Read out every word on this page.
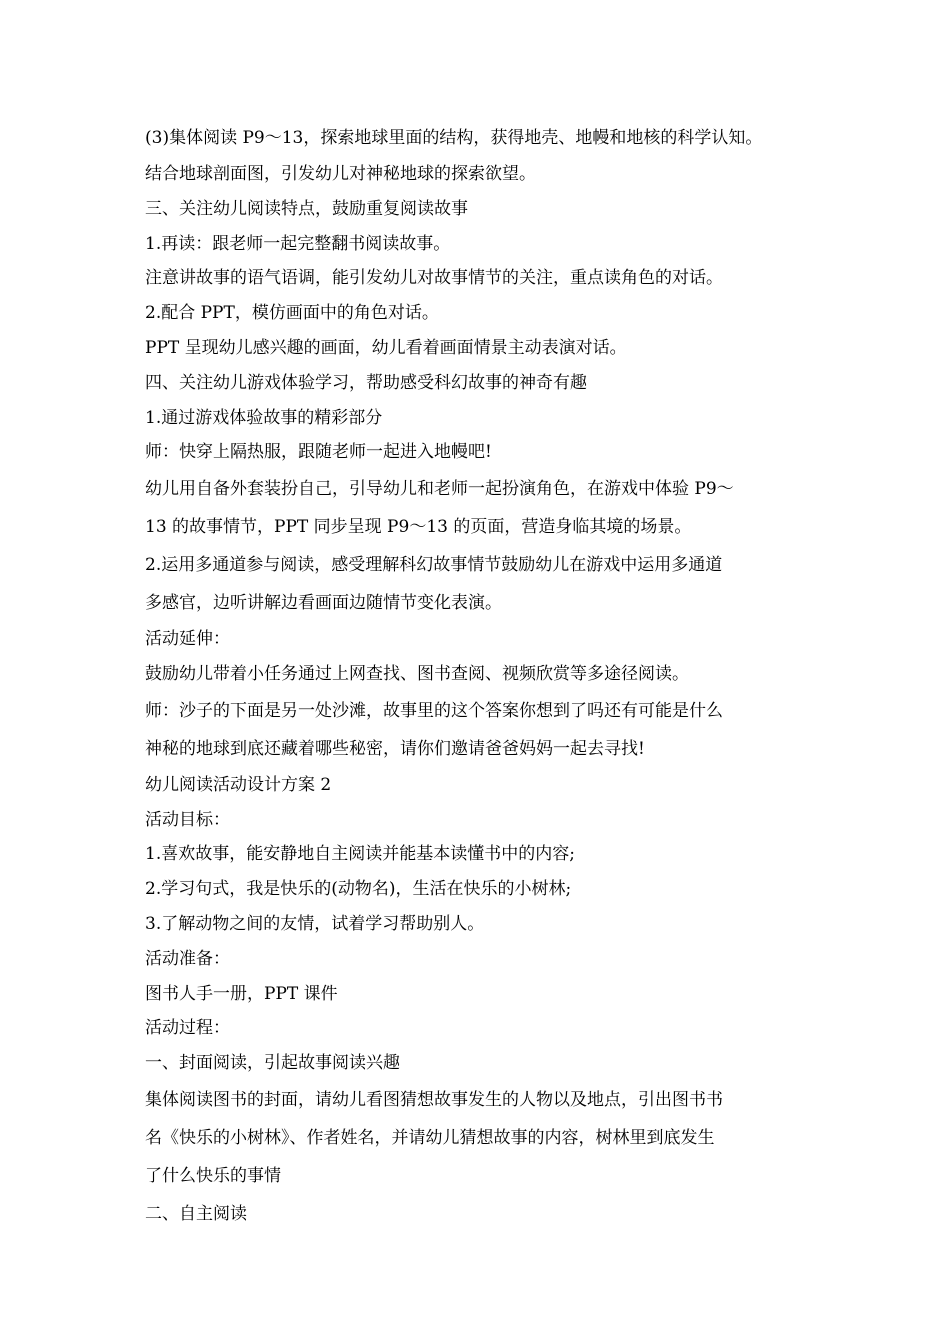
(3)集体阅读 P9～13，探索地球里面的结构，获得地壳、地幔和地核的科学认知。
结合地球剖面图，引发幼儿对神秘地球的探索欲望。
三、关注幼儿阅读特点，鼓励重复阅读故事
1.再读：跟老师一起完整翻书阅读故事。
注意讲故事的语气语调，能引发幼儿对故事情节的关注，重点读角色的对话。
2.配合 PPT，模仿画面中的角色对话。
PPT 呈现幼儿感兴趣的画面，幼儿看着画面情景主动表演对话。
四、关注幼儿游戏体验学习，帮助感受科幻故事的神奇有趣
1.通过游戏体验故事的精彩部分
师：快穿上隔热服，跟随老师一起进入地幔吧!
幼儿用自备外套装扮自己，引导幼儿和老师一起扮演角色，在游戏中体验 P9～
13 的故事情节，PPT 同步呈现 P9～13 的页面，营造身临其境的场景。
2.运用多通道参与阅读，感受理解科幻故事情节鼓励幼儿在游戏中运用多通道
多感官，边听讲解边看画面边随情节变化表演。
活动延伸：
鼓励幼儿带着小任务通过上网查找、图书查阅、视频欣赏等多途径阅读。
师：沙子的下面是另一处沙滩，故事里的这个答案你想到了吗还有可能是什么
神秘的地球到底还藏着哪些秘密，请你们邀请爸爸妈妈一起去寻找!
幼儿阅读活动设计方案 2
活动目标：
1.喜欢故事，能安静地自主阅读并能基本读懂书中的内容;
2.学习句式，我是快乐的(动物名)，生活在快乐的小树林;
3.了解动物之间的友情，试着学习帮助别人。
活动准备：
图书人手一册，PPT 课件
活动过程：
一、封面阅读，引起故事阅读兴趣
集体阅读图书的封面，请幼儿看图猜想故事发生的人物以及地点，引出图书书
名《快乐的小树林》、作者姓名，并请幼儿猜想故事的内容，树林里到底发生
了什么快乐的事情
二、自主阅读
